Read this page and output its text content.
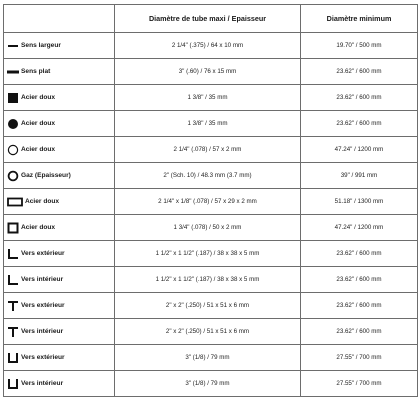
	Diamètre de tube maxi / Epaisseur	Diamètre minimum

Sens largeur	2 1/4" (.375) / 64 x 10 mm	19.70" / 500 mm

Sens plat	3" (.60) / 76 x 15 mm	23.62" / 600 mm

Acier doux	1 3/8" / 35 mm	23.62" / 600 mm

Acier doux	1 3/8" / 35 mm	23.62" / 600 mm

Acier doux	2 1/4" (.078) / 57 x 2 mm	47.24" / 1200 mm

Gaz (Epaisseur)	2" (Sch. 10) / 48.3 mm (3.7 mm)	39" / 991 mm

Acier doux	2 1/4" x 1/8" (.078) / 57 x 29 x 2 mm	51.18" / 1300 mm

Acier doux	1 3/4" (.078) / 50 x 2 mm	47.24" / 1200 mm

Vers extérieur	1 1/2" x 1 1/2" (.187) / 38 x 38 x 5 mm	23.62" / 600 mm

Vers intérieur	1 1/2" x 1 1/2" (.187) / 38 x 38 x 5 mm	23.62" / 600 mm

Vers extérieur	2" x 2" (.250) / 51 x 51 x 6 mm	23.62" / 600 mm

Vers intérieur	2" x 2" (.250) / 51 x 51 x 6 mm	23.62" / 600 mm

Vers extérieur	3" (1/8) / 79 mm	27.55" / 700 mm

Vers intérieur	3" (1/8) / 79 mm	27.55" / 700 mm
